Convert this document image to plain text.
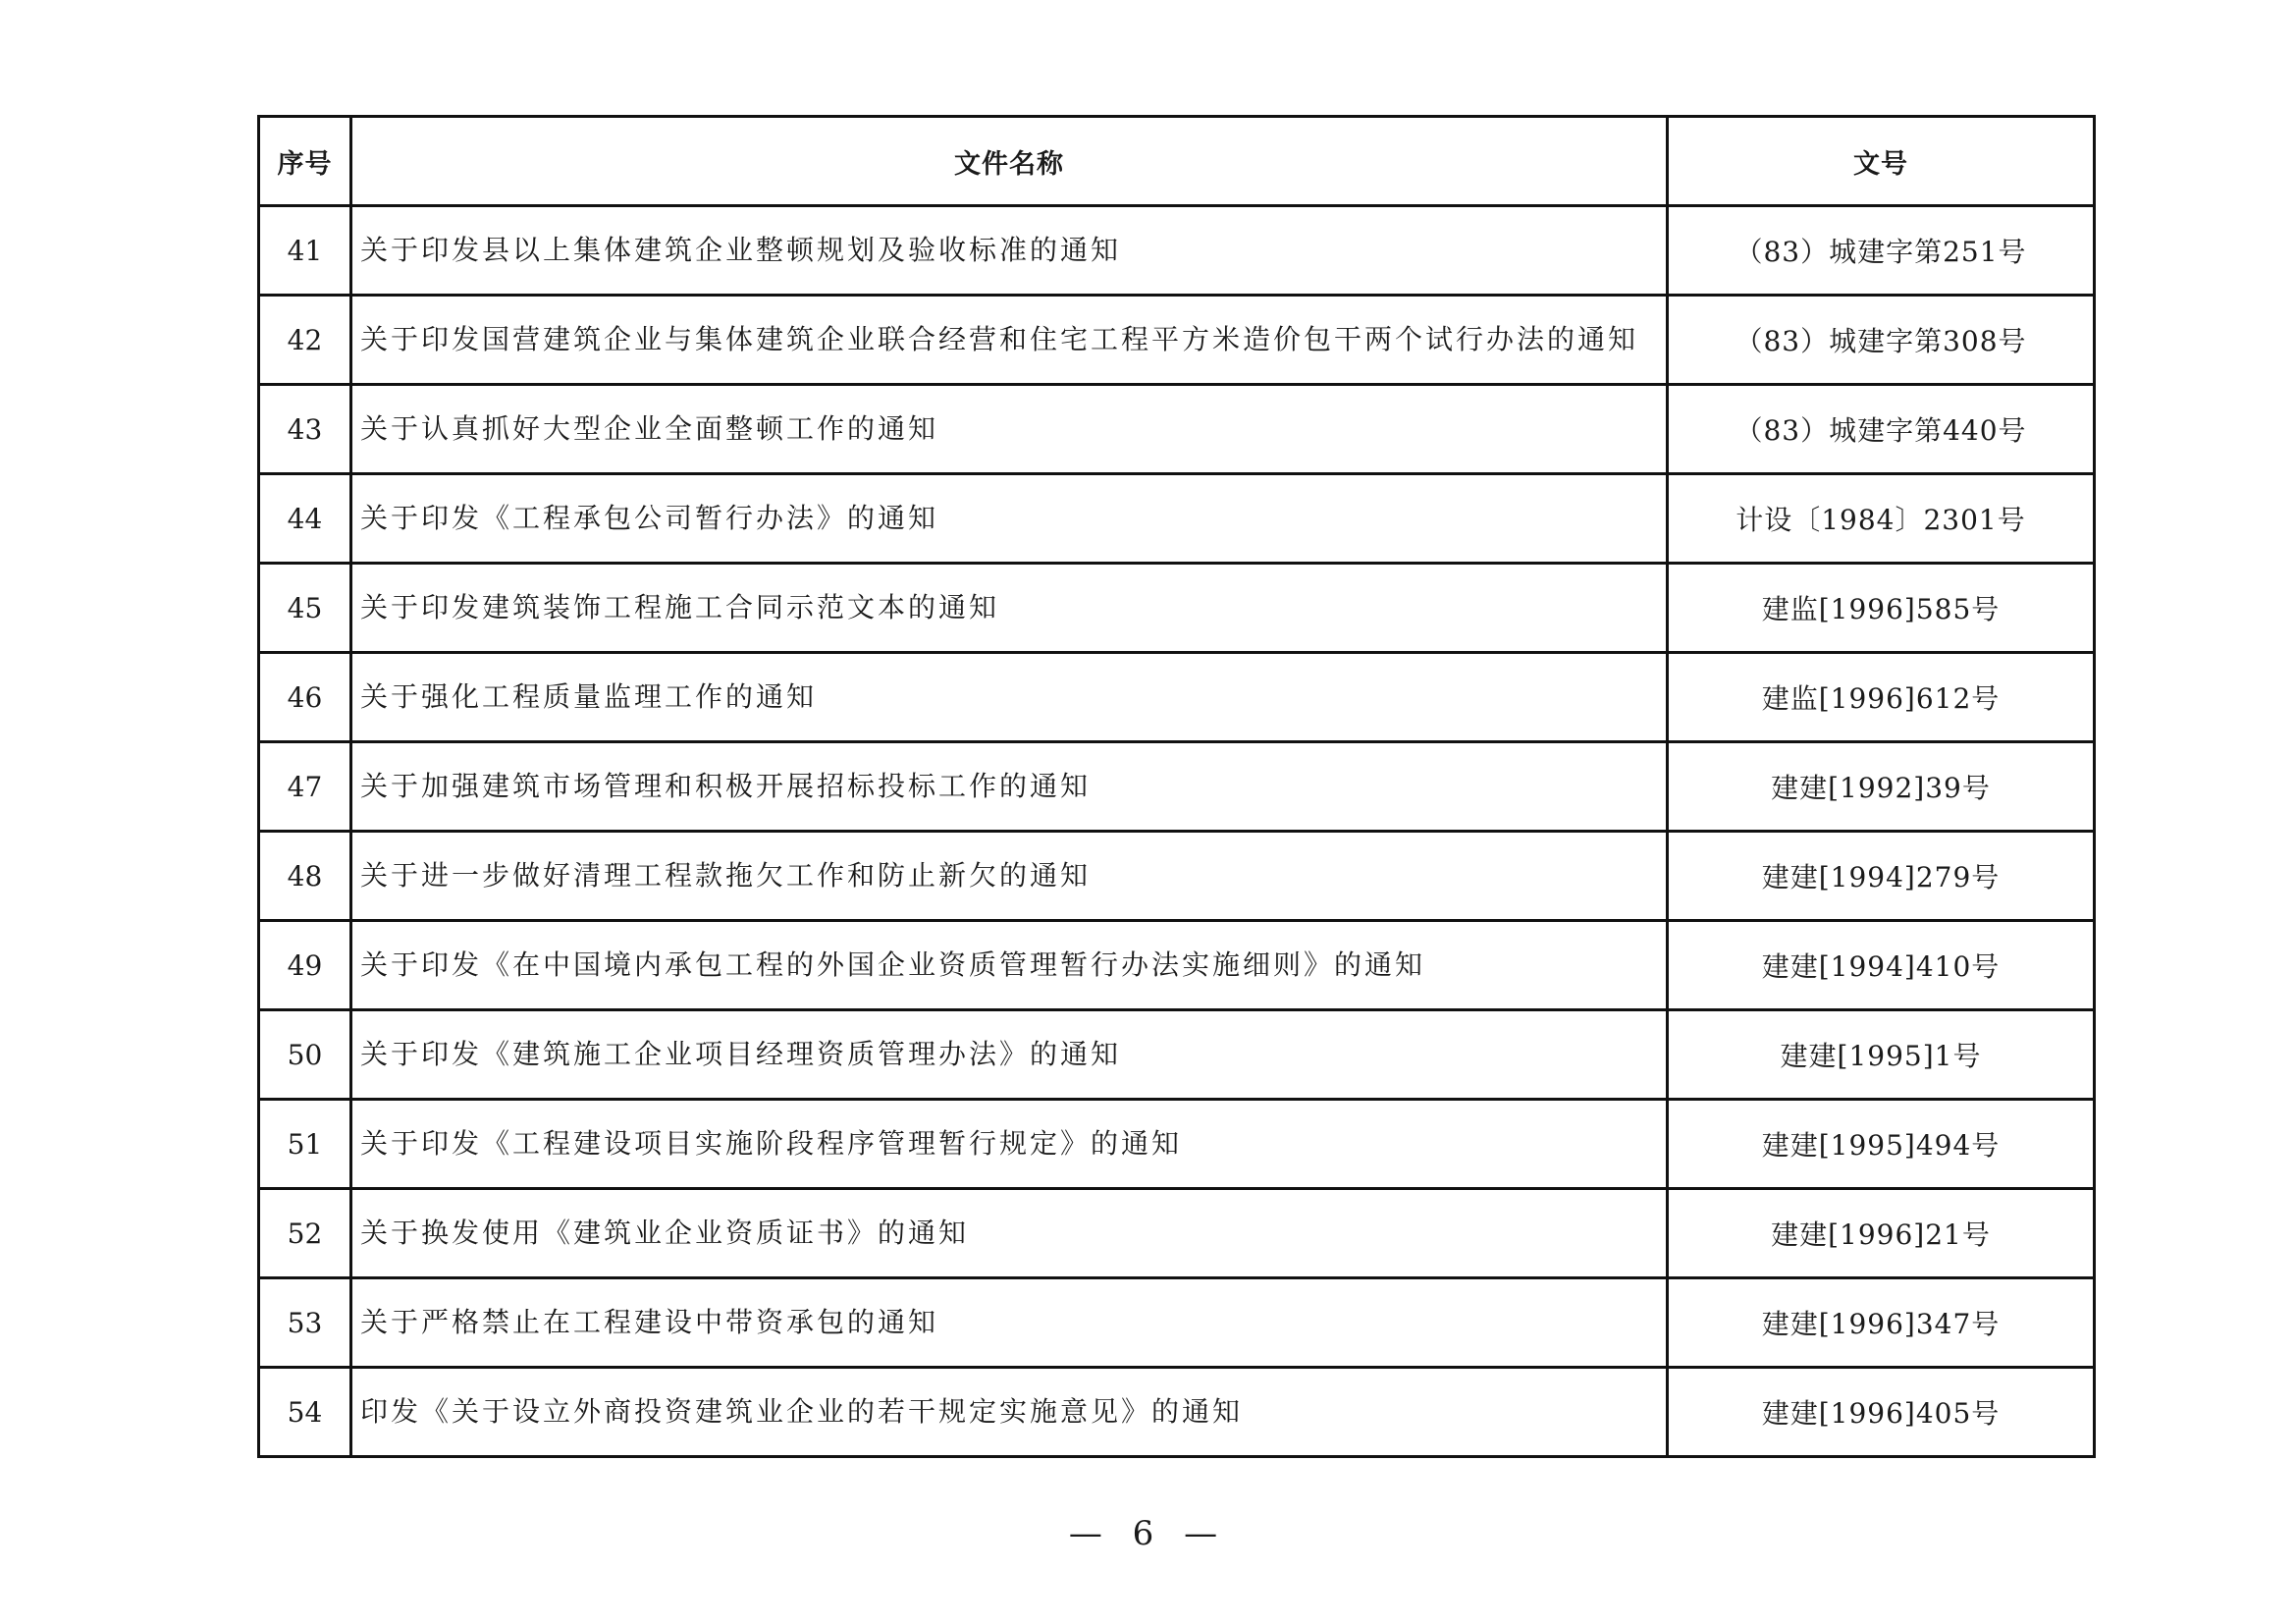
序号	文件名称	文号
41	关于印发县以上集体建筑企业整顿规划及验收标准的通知	（83）城建字第251号
42	关于印发国营建筑企业与集体建筑企业联合经营和住宅工程平方米造价包干两个试行办法的通知	（83）城建字第308号
43	关于认真抓好大型企业全面整顿工作的通知	（83）城建字第440号
44	关于印发《工程承包公司暂行办法》的通知	计设〔1984〕2301号
45	关于印发建筑装饰工程施工合同示范文本的通知	建监[1996]585号
46	关于强化工程质量监理工作的通知	建监[1996]612号
47	关于加强建筑市场管理和积极开展招标投标工作的通知	建建[1992]39号
48	关于进一步做好清理工程款拖欠工作和防止新欠的通知	建建[1994]279号
49	关于印发《在中国境内承包工程的外国企业资质管理暂行办法实施细则》的通知	建建[1994]410号
50	关于印发《建筑施工企业项目经理资质管理办法》的通知	建建[1995]1号
51	关于印发《工程建设项目实施阶段程序管理暂行规定》的通知	建建[1995]494号
52	关于换发使用《建筑业企业资质证书》的通知	建建[1996]21号
53	关于严格禁止在工程建设中带资承包的通知	建建[1996]347号
54	印发《关于设立外商投资建筑业企业的若干规定实施意见》的通知	建建[1996]405号
— 6 —
